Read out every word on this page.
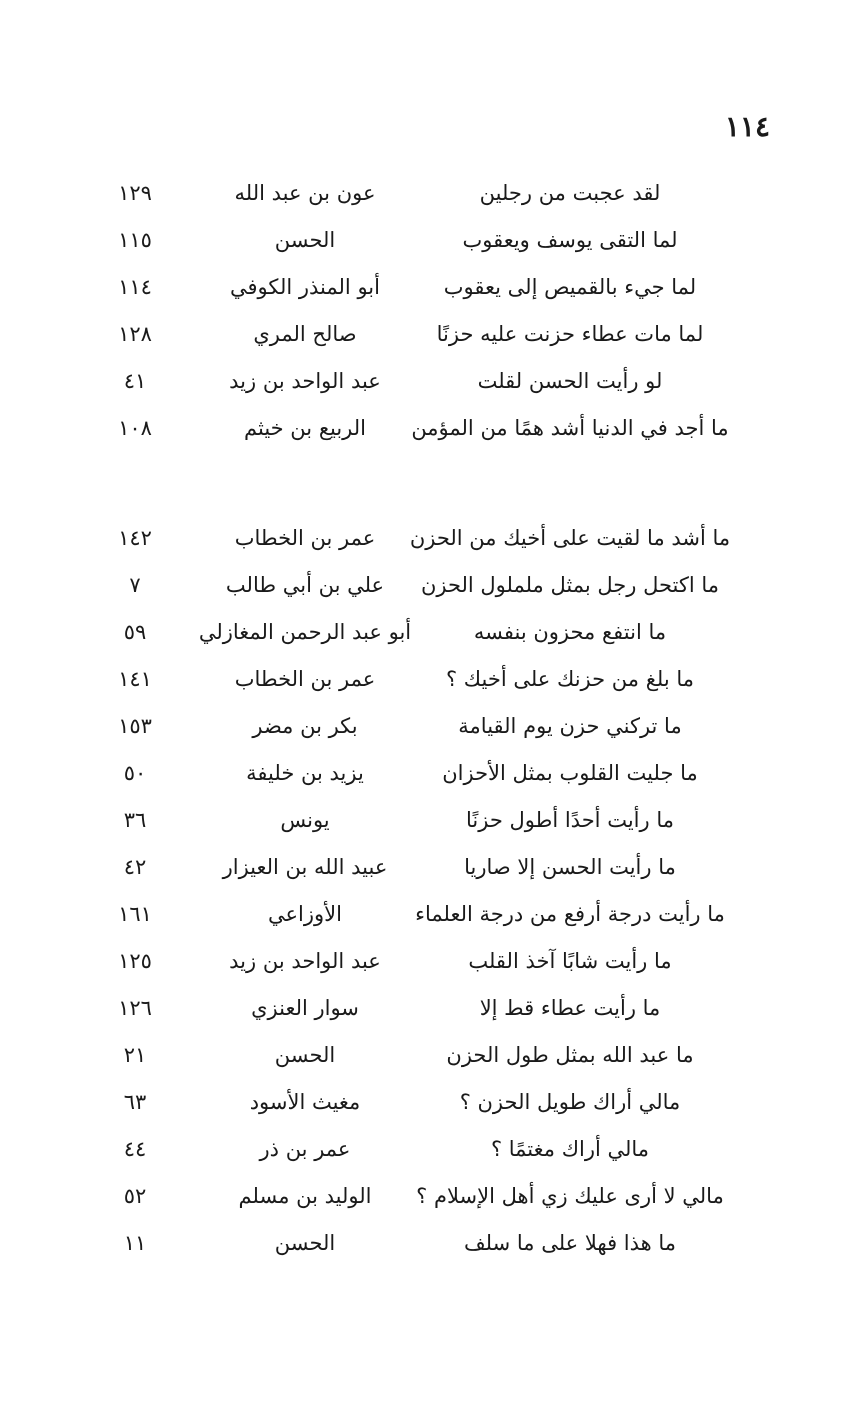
١١٤
لقد عجبت من رجلين
عون بن عبد الله
١٢٩
لما التقى يوسف ويعقوب
الحسن
١١٥
لما جيء بالقميص إلى يعقوب
أبو المنذر الكوفي
١١٤
لما مات عطاء حزنت عليه حزنًا
صالح المري
١٢٨
لو رأيت الحسن لقلت
عبد الواحد بن زيد
٤١
ما أجد في الدنيا أشد همًا من المؤمن
الربيع بن خيثم
١٠٨
ما أشد ما لقيت على أخيك من الحزن
عمر بن الخطاب
١٤٢
ما اكتحل رجل بمثل ململول الحزن
علي بن أبي طالب
٧
ما انتفع محزون بنفسه
أبو عبد الرحمن المغازلي
٥٩
ما بلغ من حزنك على أخيك ؟
عمر بن الخطاب
١٤١
ما تركني حزن يوم القيامة
بكر بن مضر
١٥٣
ما جليت القلوب بمثل الأحزان
يزيد بن خليفة
٥٠
ما رأيت أحدًا أطول حزنًا
يونس
٣٦
ما رأيت الحسن إلا صاريا
عبيد الله بن العيزار
٤٢
ما رأيت درجة أرفع من درجة العلماء
الأوزاعي
١٦١
ما رأيت شابًا آخذ القلب
عبد الواحد بن زيد
١٢٥
ما رأيت عطاء قط إلا
سوار العنزي
١٢٦
ما عبد الله بمثل طول الحزن
الحسن
٢١
مالي أراك طويل الحزن ؟
مغيث الأسود
٦٣
مالي أراك مغتمًا ؟
عمر بن ذر
٤٤
مالي لا أرى عليك زي أهل الإسلام ؟
الوليد بن مسلم
٥٢
ما هذا فهلا على ما سلف
الحسن
١١
